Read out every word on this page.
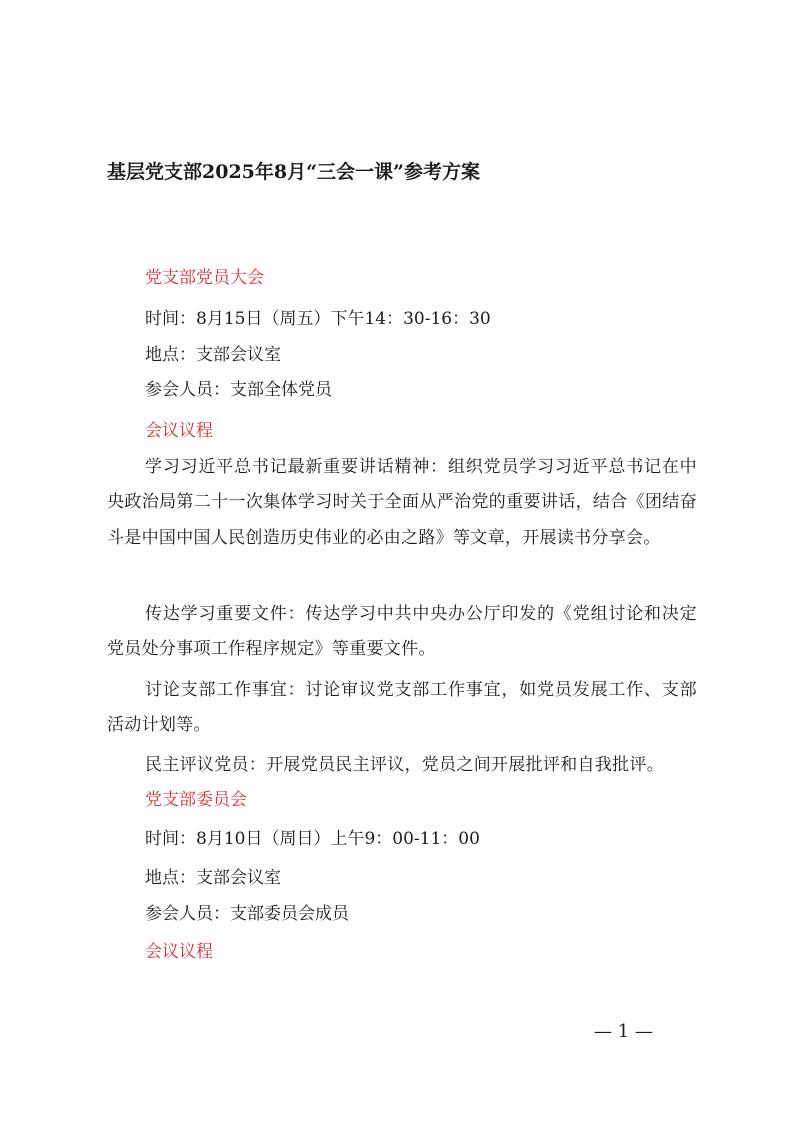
基层党支部2025年8月“三会一课”参考方案
党支部党员大会
时间：8月15日（周五）下午14：30-16：30
地点：支部会议室
参会人员：支部全体党员
会议议程
学习习近平总书记最新重要讲话精神：组织党员学习习近平总书记在中央政治局第二十一次集体学习时关于全面从严治党的重要讲话，结合《团结奋斗是中国中国人民创造历史伟业的必由之路》等文章，开展读书分享会。
传达学习重要文件：传达学习中共中央办公厅印发的《党组讨论和决定党员处分事项工作程序规定》等重要文件。
讨论支部工作事宜：讨论审议党支部工作事宜，如党员发展工作、支部活动计划等。
民主评议党员：开展党员民主评议，党员之间开展批评和自我批评。
党支部委员会
时间：8月10日（周日）上午9：00-11：00
地点：支部会议室
参会人员：支部委员会成员
会议议程
— 1 —
